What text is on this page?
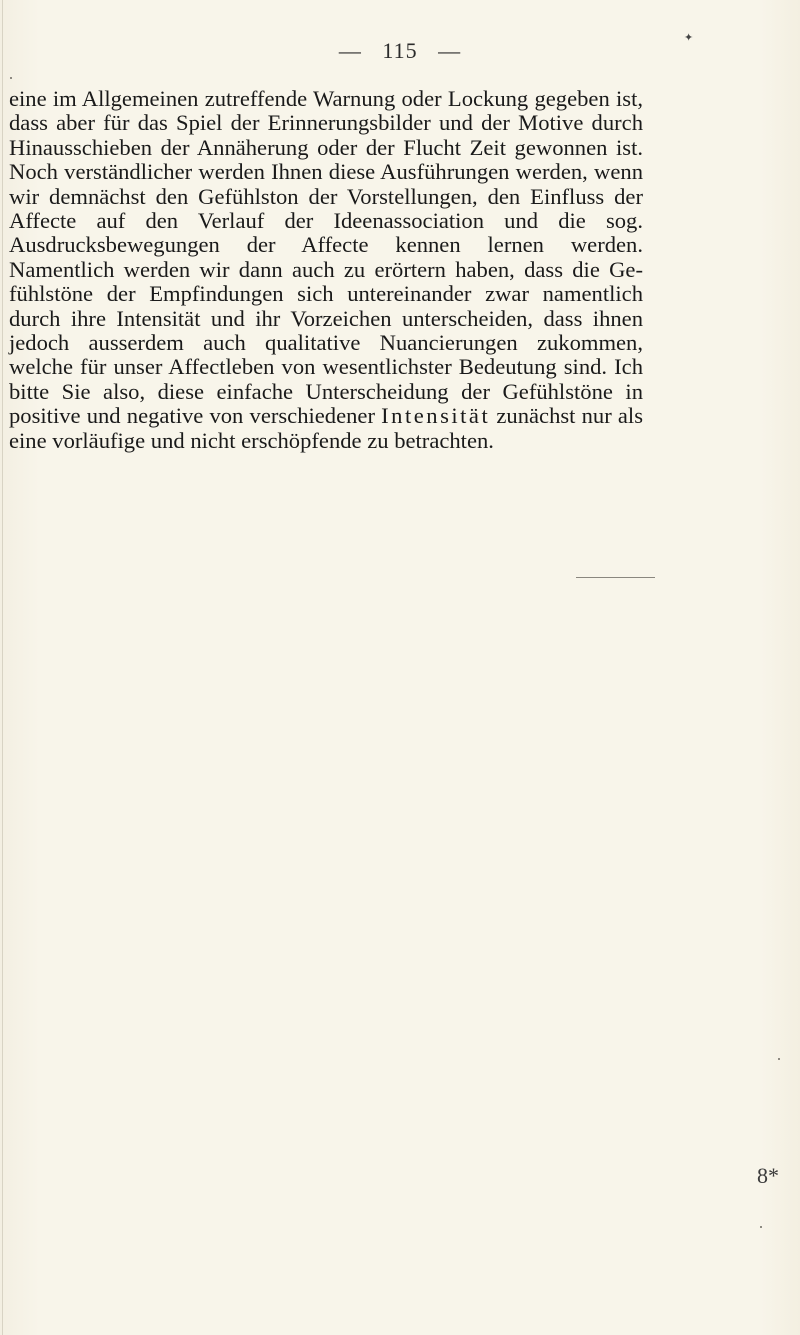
✦
— 115 —

eine im Allgemeinen zutreffende Warnung oder Lockung gegeben ist, dass aber für das Spiel der Erinnerungsbilder und der Motive durch Hinausschieben der Annäherung oder der Flucht Zeit gewonnen ist. Noch verständlicher werden Ihnen diese Ausführungen werden, wenn wir demnächst den Gefühlston der Vorstellungen, den Einfluss der Affecte auf den Verlauf der Ideenassociation und die sog. Ausdrucksbewegungen der Affecte kennen lernen werden. Namentlich werden wir dann auch zu erörtern haben, dass die Gefühlstöne der Empfindungen sich untereinander zwar namentlich durch ihre Intensität und ihr Vorzeichen unterscheiden, dass ihnen jedoch ausserdem auch qualitative Nuancierungen zukommen, welche für unser Affectleben von wesentlichster Bedeutung sind. Ich bitte Sie also, diese einfache Unterscheidung der Gefühlstöne in positive und negative von verschiedener Intensität zunächst nur als eine vorläufige und nicht erschöpfende zu betrachten.

8*
